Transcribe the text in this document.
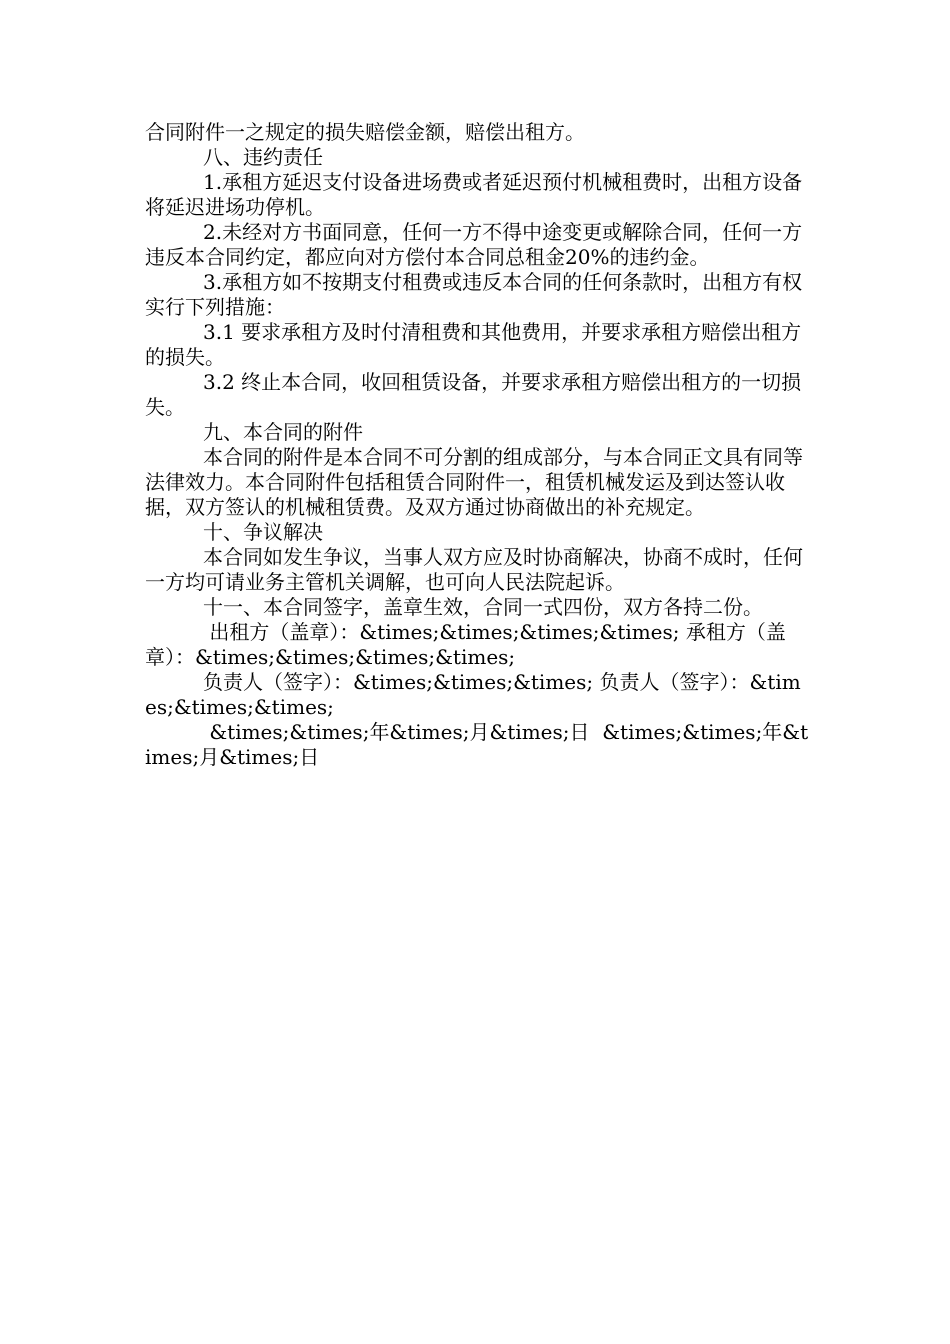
合同附件一之规定的损失赔偿金额，赔偿出租方。

八、违约责任

1.承租方延迟支付设备进场费或者延迟预付机械租费时，出租方设备将延迟进场功停机。

2.未经对方书面同意，任何一方不得中途变更或解除合同，任何一方违反本合同约定，都应向对方偿付本合同总租金20%的违约金。

3.承租方如不按期支付租费或违反本合同的任何条款时，出租方有权实行下列措施：

3.1 要求承租方及时付清租费和其他费用，并要求承租方赔偿出租方的损失。

3.2 终止本合同，收回租赁设备，并要求承租方赔偿出租方的一切损失。

九、本合同的附件

本合同的附件是本合同不可分割的组成部分，与本合同正文具有同等法律效力。本合同附件包括租赁合同附件一，租赁机械发运及到达签认收据，双方签认的机械租赁费。及双方通过协商做出的补充规定。

十、争议解决

本合同如发生争议，当事人双方应及时协商解决，协商不成时，任何一方均可请业务主管机关调解，也可向人民法院起诉。

十一、本合同签字，盖章生效，合同一式四份，双方各持二份。

出租方（盖章）：&times;&times;&times;&times; 承租方（盖章）：&times;&times;&times;&times;

负责人（签字）：&times;&times;&times; 负责人（签字）：&times;&times;&times;

&times;&times;年&times;月&times;日  &times;&times;年&times;月&times;日
